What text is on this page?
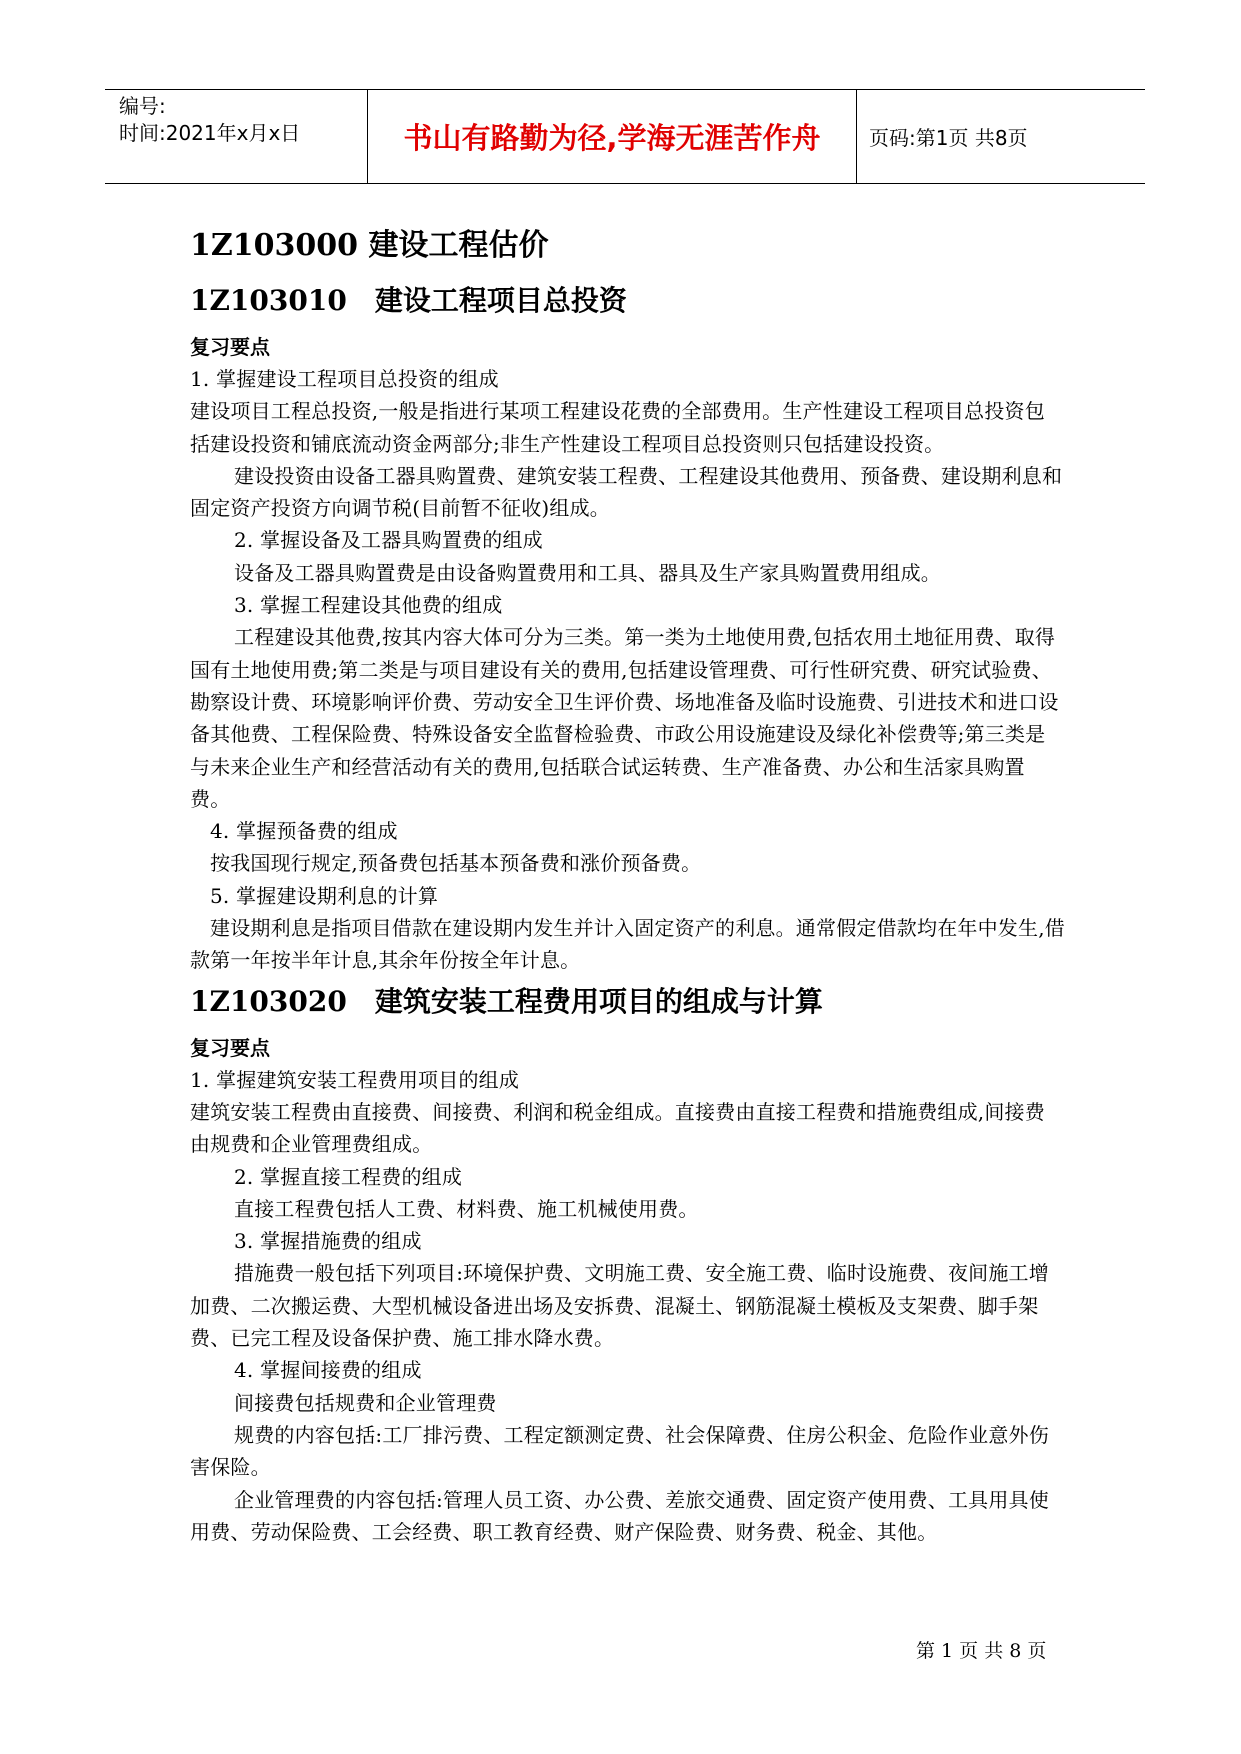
编号:
时间:2021年x月x日	书山有路勤为径,学海无涯苦作舟 页码:第1页 共8页
1Z103000 建设工程估价
1Z103010　建设工程项目总投资
复习要点

1. 掌握建设工程项目总投资的组成

建设项目工程总投资,一般是指进行某项工程建设花费的全部费用。生产性建设工程项目总投资包括建设投资和铺底流动资金两部分;非生产性建设工程项目总投资则只包括建设投资。

建设投资由设备工器具购置费、建筑安装工程费、工程建设其他费用、预备费、建设期利息和固定资产投资方向调节税(目前暂不征收)组成。

2. 掌握设备及工器具购置费的组成

设备及工器具购置费是由设备购置费用和工具、器具及生产家具购置费用组成。

3. 掌握工程建设其他费的组成

工程建设其他费,按其内容大体可分为三类。第一类为土地使用费,包括农用土地征用费、取得国有土地使用费;第二类是与项目建设有关的费用,包括建设管理费、可行性研究费、研究试验费、勘察设计费、环境影响评价费、劳动安全卫生评价费、场地准备及临时设施费、引进技术和进口设备其他费、工程保险费、特殊设备安全监督检验费、市政公用设施建设及绿化补偿费等;第三类是与未来企业生产和经营活动有关的费用,包括联合试运转费、生产准备费、办公和生活家具购置费。

4. 掌握预备费的组成

按我国现行规定,预备费包括基本预备费和涨价预备费。

5. 掌握建设期利息的计算

建设期利息是指项目借款在建设期内发生并计入固定资产的利息。通常假定借款均在年中发生,借款第一年按半年计息,其余年份按全年计息。

1Z103020　建筑安装工程费用项目的组成与计算
复习要点

1. 掌握建筑安装工程费用项目的组成

建筑安装工程费由直接费、间接费、利润和税金组成。直接费由直接工程费和措施费组成,间接费由规费和企业管理费组成。

2. 掌握直接工程费的组成

直接工程费包括人工费、材料费、施工机械使用费。

3. 掌握措施费的组成

措施费一般包括下列项目:环境保护费、文明施工费、安全施工费、临时设施费、夜间施工增加费、二次搬运费、大型机械设备进出场及安拆费、混凝土、钢筋混凝土模板及支架费、脚手架费、已完工程及设备保护费、施工排水降水费。

4. 掌握间接费的组成

间接费包括规费和企业管理费

规费的内容包括:工厂排污费、工程定额测定费、社会保障费、住房公积金、危险作业意外伤害保险。

企业管理费的内容包括:管理人员工资、办公费、差旅交通费、固定资产使用费、工具用具使用费、劳动保险费、工会经费、职工教育经费、财产保险费、财务费、税金、其他。

第 1 页 共 8 页
